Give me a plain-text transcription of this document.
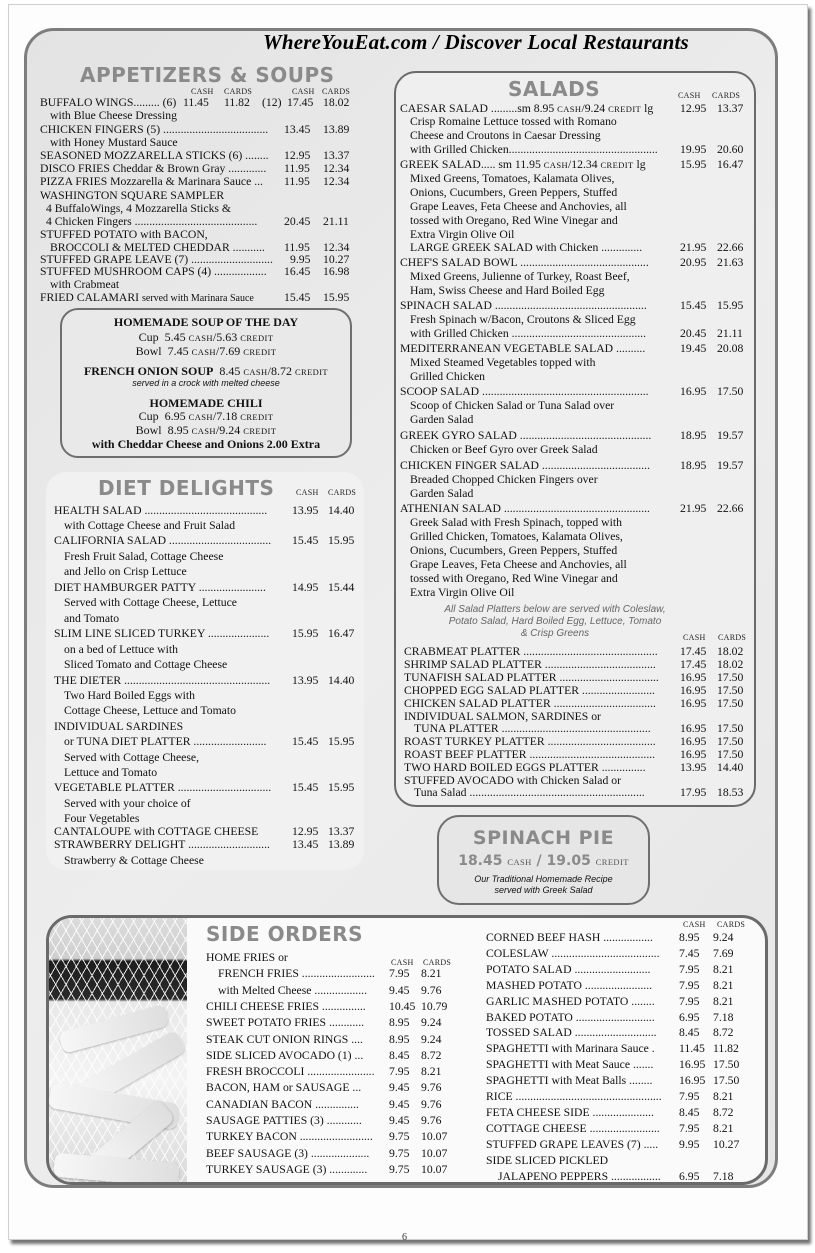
WhereYouEat.com / Discover Local Restaurants
APPETIZERS & SOUPS
CASH CARDS	CASH CARDS
BUFFALO WINGS......... (6) 11.45 11.82 (12) 17.45 18.02
with Blue Cheese Dressing
CHICKEN FINGERS (5) .................................... 13.45 13.89
with Honey Mustard Sauce
SEASONED MOZZARELLA STICKS (6) ........ 12.95 13.37
DISCO FRIES Cheddar & Brown Gray ............. 11.95 12.34
PIZZA FRIES Mozzarella & Marinara Sauce ... 11.95 12.34
WASHINGTON SQUARE SAMPLER
4 BuffaloWings, 4 Mozzarella Sticks &
4 Chicken Fingers .......................................... 20.45 21.11
STUFFED POTATO with BACON,
BROCCOLI & MELTED CHEDDAR ........... 11.95 12.34
STUFFED GRAPE LEAVE (7) ............................ 9.95 10.27
STUFFED MUSHROOM CAPS (4) .................. 16.45 16.98
with Crabmeat
FRIED CALAMARI served with Marinara Sauce	15.45 15.95
HOMEMADE SOUP OF THE DAY
Cup 5.45 CASH/5.63 CREDIT
Bowl 7.45 CASH/7.69 CREDIT
FRENCH ONION SOUP 8.45 CASH/8.72 CREDIT
served in a crock with melted cheese
HOMEMADE CHILI
Cup 6.95 CASH/7.18 CREDIT
Bowl 8.95 CASH/9.24 CREDIT
with Cheddar Cheese and Onions 2.00 Extra
DIET DELIGHTS	CASH CARDS
HEALTH SALAD .......................................... 13.95 14.40
with Cottage Cheese and Fruit Salad
CALIFORNIA SALAD ................................... 15.45 15.95
Fresh Fruit Salad, Cottage Cheese
and Jello on Crisp Lettuce
DIET HAMBURGER PATTY ....................... 14.95 15.44
Served with Cottage Cheese, Lettuce
and Tomato
SLIM LINE SLICED TURKEY ..................... 15.95 16.47
on a bed of Lettuce with
Sliced Tomato and Cottage Cheese
THE DIETER .................................................. 13.95 14.40
Two Hard Boiled Eggs with
Cottage Cheese, Lettuce and Tomato
INDIVIDUAL SARDINES
or TUNA DIET PLATTER ......................... 15.45 15.95
Served with Cottage Cheese,
Lettuce and Tomato
VEGETABLE PLATTER ................................ 15.45 15.95
Served with your choice of
Four Vegetables
CANTALOUPE with COTTAGE CHEESE	12.95 13.37
STRAWBERRY DELIGHT ............................ 13.45 13.89
Strawberry & Cottage Cheese
SALADS	CASH CARDS
CAESAR SALAD .........sm 8.95 CASH/9.24 CREDIT lg 12.95 13.37
Crisp Romaine Lettuce tossed with Romano
Cheese and Croutons in Caesar Dressing
with Grilled Chicken................................................... 19.95 20.60
GREEK SALAD..... sm 11.95 CASH/12.34 CREDIT lg	15.95 16.47
Mixed Greens, Tomatoes, Kalamata Olives,
Onions, Cucumbers, Green Peppers, Stuffed
Grape Leaves, Feta Cheese and Anchovies, all
tossed with Oregano, Red Wine Vinegar and
Extra Virgin Olive Oil
LARGE GREEK SALAD with Chicken ..............	21.95 22.66
CHEF'S SALAD BOWL ............................................	20.95 21.63
Mixed Greens, Julienne of Turkey, Roast Beef,
Ham, Swiss Cheese and Hard Boiled Egg
SPINACH SALAD ....................................................	15.45 15.95
Fresh Spinach w/Bacon, Croutons & Sliced Egg
with Grilled Chicken ..............................................	20.45 21.11
MEDITERRANEAN VEGETABLE SALAD ..........	19.45 20.08
Mixed Steamed Vegetables topped with
Grilled Chicken
SCOOP SALAD .........................................................	16.95 17.50
Scoop of Chicken Salad or Tuna Salad over
Garden Salad
GREEK GYRO SALAD ............................................. 18.95 19.57
Chicken or Beef Gyro over Greek Salad
CHICKEN FINGER SALAD .....................................	18.95 19.57
Breaded Chopped Chicken Fingers over
Garden Salad
ATHENIAN SALAD ..................................................	21.95 22.66
Greek Salad with Fresh Spinach, topped with
Grilled Chicken, Tomatoes, Kalamata Olives,
Onions, Cucumbers, Green Peppers, Stuffed
Grape Leaves, Feta Cheese and Anchovies, all
tossed with Oregano, Red Wine Vinegar and
Extra Virgin Olive Oil
All Salad Platters below are served with Coleslaw,
Potato Salad, Hard Boiled Egg, Lettuce, Tomato
& Crisp Greens	CASH CARDS
CRABMEAT PLATTER .............................................. 17.45 18.02
SHRIMP SALAD PLATTER ...................................... 17.45 18.02
TUNAFISH SALAD PLATTER .................................. 16.95 17.50
CHOPPED EGG SALAD PLATTER ......................... 16.95 17.50
CHICKEN SALAD PLATTER ................................... 16.95 17.50
INDIVIDUAL SALMON, SARDINES or
TUNA PLATTER ...................................................	16.95 17.50
ROAST TURKEY PLATTER ..................................... 16.95 17.50
ROAST BEEF PLATTER ........................................... 16.95 17.50
TWO HARD BOILED EGGS PLATTER ...............	13.95 14.40
STUFFED AVOCADO with Chicken Salad or
Tuna Salad ............................................................	17.95 18.53
SPINACH PIE
18.45 CASH / 19.05 CREDIT
Our Traditional Homemade Recipe
served with Greek Salad
SIDE ORDERS
CASH CARDS
HOME FRIES or
FRENCH FRIES ......................... 7.95 8.21
with Melted Cheese .................. 9.45 9.76
CHILI CHEESE FRIES ............... 10.45 10.79
SWEET POTATO FRIES ............ 8.95 9.24
STEAK CUT ONION RINGS .... 8.95 9.24
SIDE SLICED AVOCADO (1) ... 8.45 8.72
FRESH BROCCOLI ....................... 7.95 8.21
BACON, HAM or SAUSAGE ... 9.45 9.76
CANADIAN BACON ...............	9.45 9.76
SAUSAGE PATTIES (3) ............ 9.45 9.76
TURKEY BACON ......................... 9.75 10.07
BEEF SAUSAGE (3) .................... 9.75 10.07
TURKEY SAUSAGE (3) ............. 9.75 10.07
CASH CARDS
CORNED BEEF HASH ................. 8.95 9.24
COLESLAW ..................................... 7.45 7.69
POTATO SALAD .......................... 7.95 8.21
MASHED POTATO ....................... 7.95 8.21
GARLIC MASHED POTATO ........ 7.95 8.21
BAKED POTATO ........................... 6.95 7.18
TOSSED SALAD ............................ 8.45 8.72
SPAGHETTI with Marinara Sauce . 11.45 11.82
SPAGHETTI with Meat Sauce ....... 16.95 17.50
SPAGHETTI with Meat Balls ........ 16.95 17.50
RICE .................................................. 7.95 8.21
FETA CHEESE SIDE ..................... 8.45 8.72
COTTAGE CHEESE ........................ 7.95 8.21
STUFFED GRAPE LEAVES (7) ..... 9.95 10.27
SIDE SLICED PICKLED
JALAPENO PEPPERS ................. 6.95 7.18
6
